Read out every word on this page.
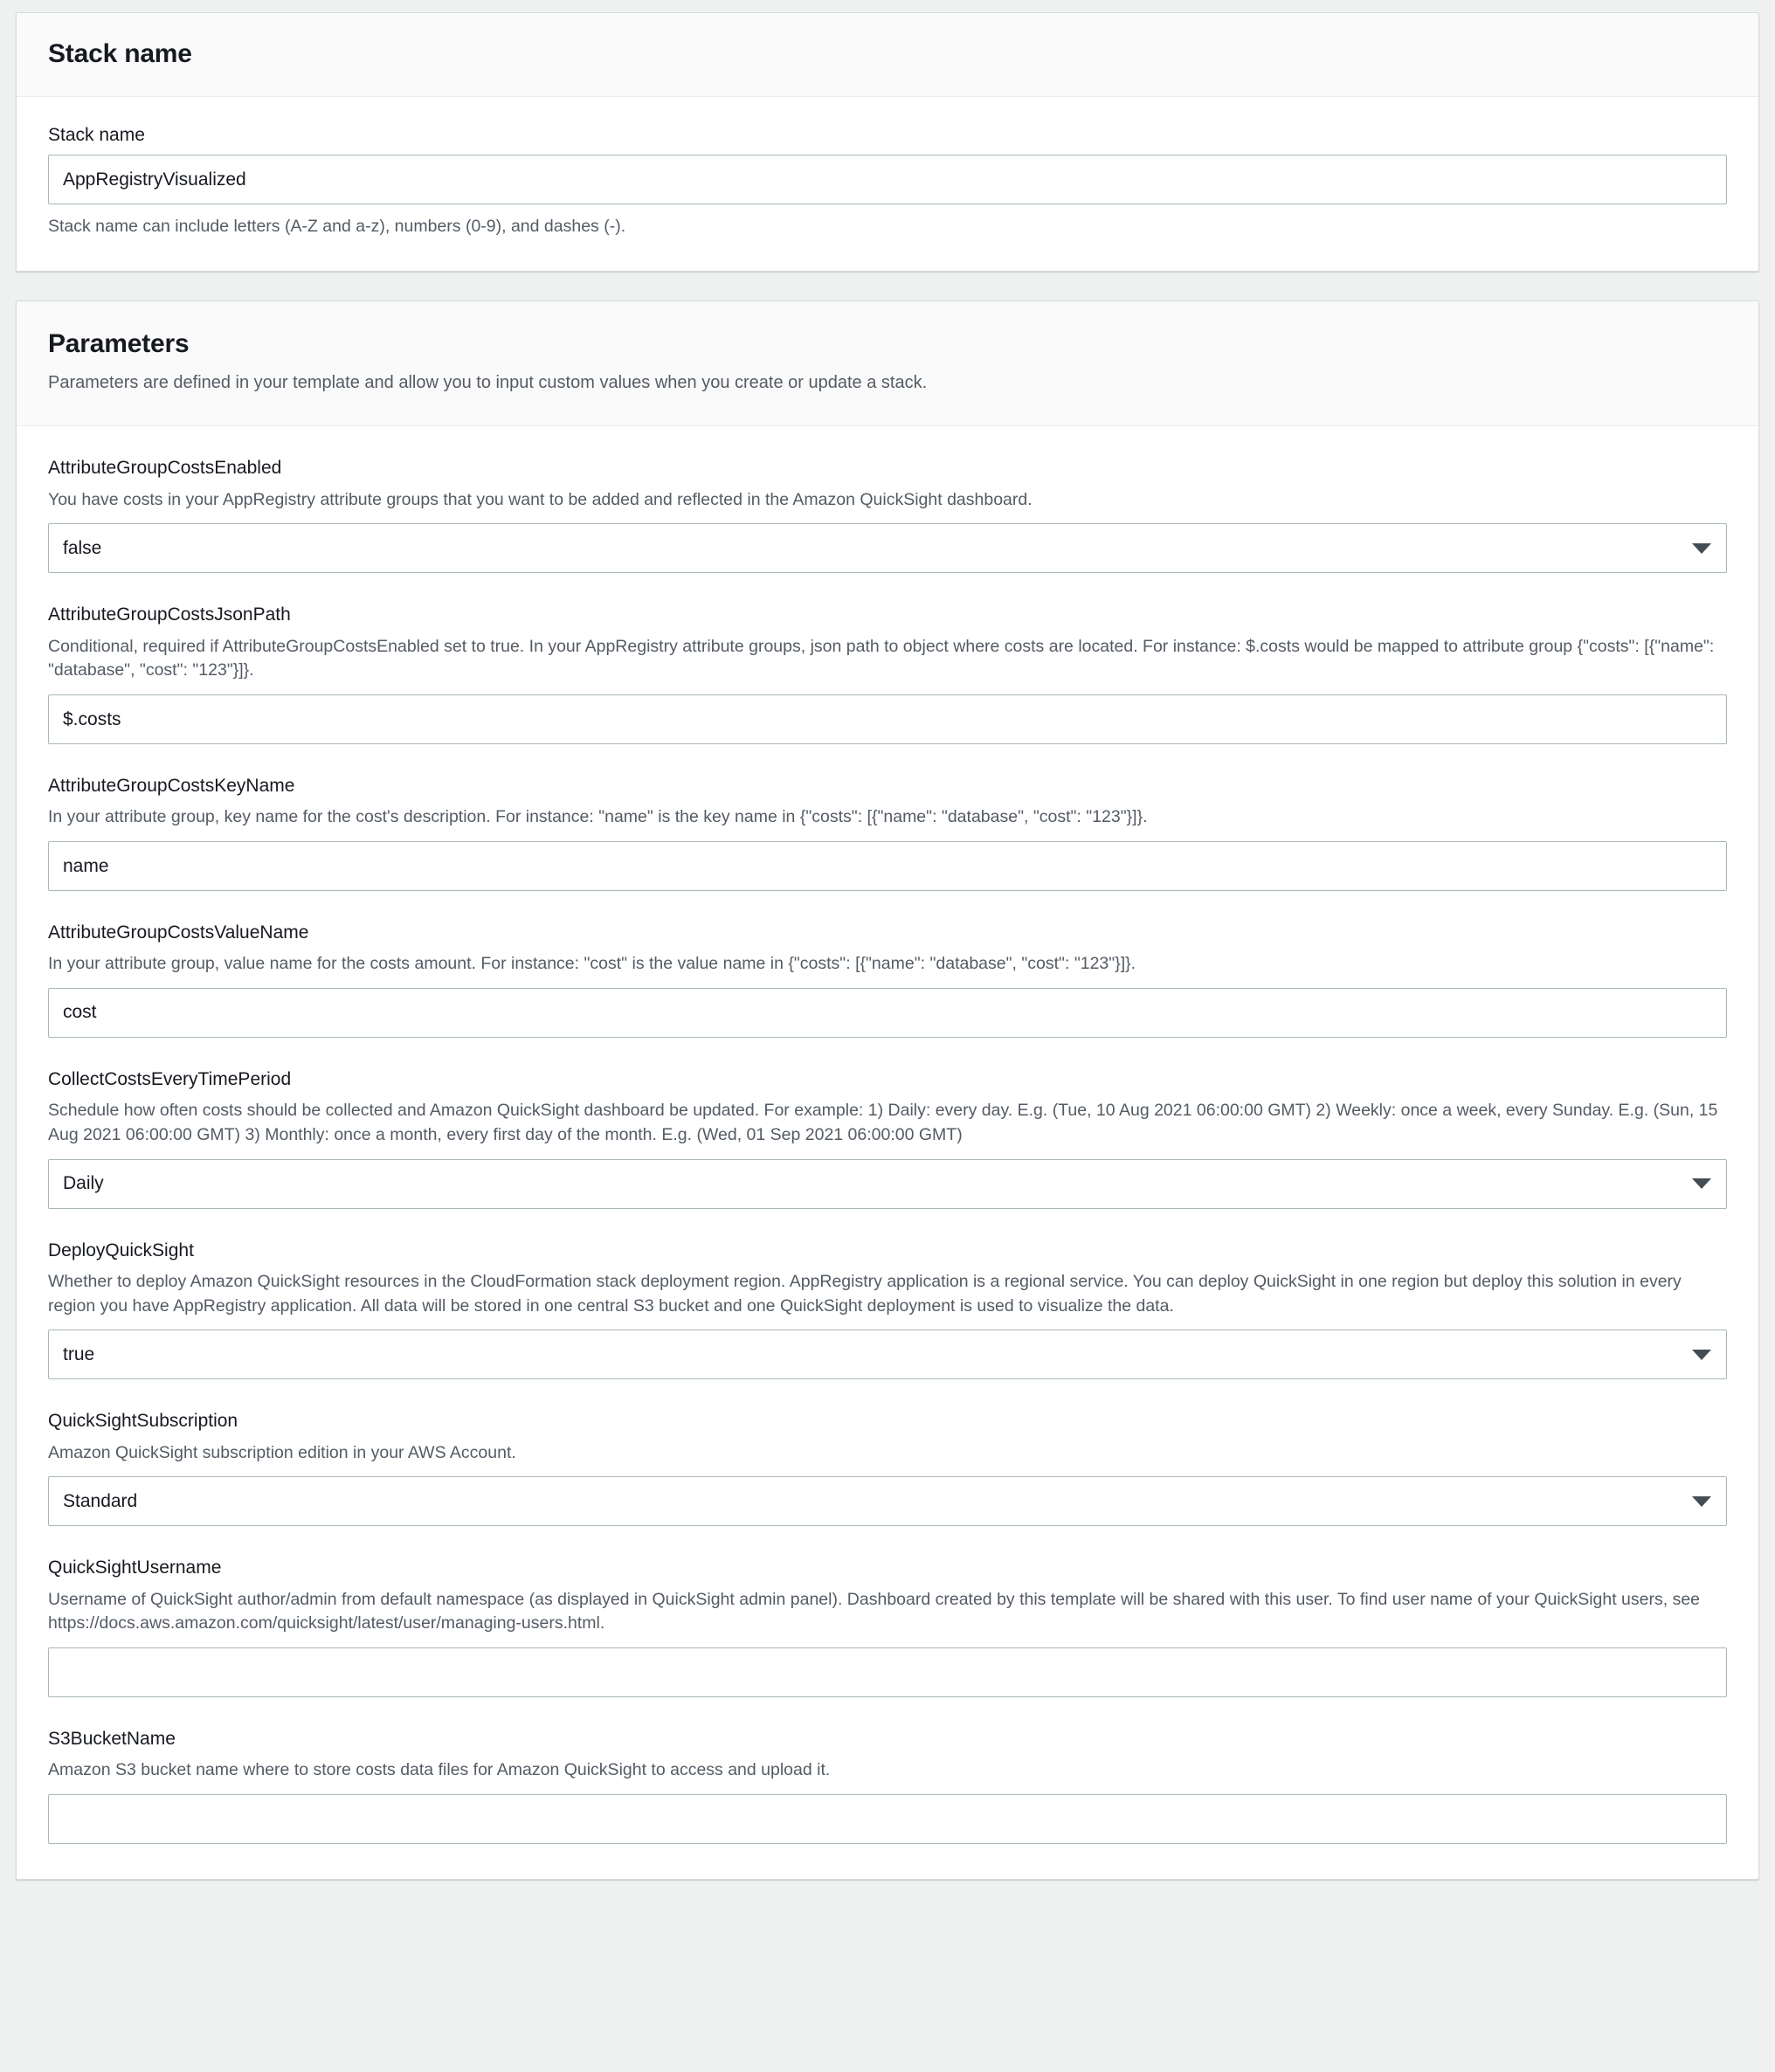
Stack name
Stack name
AppRegistryVisualized

Stack name can include letters (A-Z and a-z), numbers (0-9), and dashes (-).

Parameters

Parameters are defined in your template and allow you to input custom values when you create or update a stack.

AttributeGroupCostsEnabled

You have costs in your AppRegistry attribute groups that you want to be added and reflected in the Amazon QuickSight dashboard.

false
AttributeGroupCostsJsonPath

Conditional, required if AttributeGroupCostsEnabled set to true. In your AppRegistry attribute groups, json path to object where costs are located. For instance: $.costs would be mapped to attribute group {"costs": [{"name": "database", "cost": "123"}]}.

$.costs
AttributeGroupCostsKeyName

In your attribute group, key name for the cost's description. For instance: "name" is the key name in {"costs": [{"name": "database", "cost": "123"}]}.

name
AttributeGroupCostsValueName

In your attribute group, value name for the costs amount. For instance: "cost" is the value name in {"costs": [{"name": "database", "cost": "123"}]}.

cost
CollectCostsEveryTimePeriod

Schedule how often costs should be collected and Amazon QuickSight dashboard be updated. For example: 1) Daily: every day. E.g. (Tue, 10 Aug 2021 06:00:00 GMT) 2) Weekly: once a week, every Sunday. E.g. (Sun, 15 Aug 2021 06:00:00 GMT) 3) Monthly: once a month, every first day of the month. E.g. (Wed, 01 Sep 2021 06:00:00 GMT)

Daily
DeployQuickSight

Whether to deploy Amazon QuickSight resources in the CloudFormation stack deployment region. AppRegistry application is a regional service. You can deploy QuickSight in one region but deploy this solution in every region you have AppRegistry application. All data will be stored in one central S3 bucket and one QuickSight deployment is used to visualize the data.

true
QuickSightSubscription

Amazon QuickSight subscription edition in your AWS Account.

Standard
QuickSightUsername

Username of QuickSight author/admin from default namespace (as displayed in QuickSight admin panel). Dashboard created by this template will be shared with this user. To find user name of your QuickSight users, see https://docs.aws.amazon.com/quicksight/latest/user/managing-users.html.

S3BucketName

Amazon S3 bucket name where to store costs data files for Amazon QuickSight to access and upload it.
